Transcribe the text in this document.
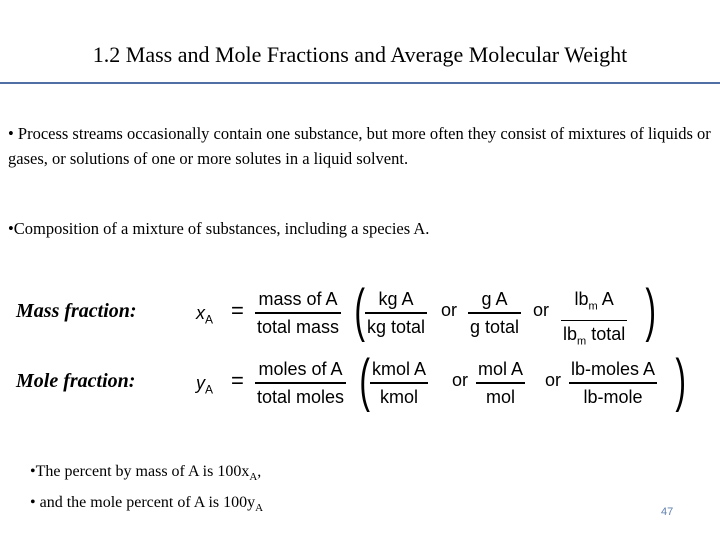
1.2 Mass and Mole Fractions and Average Molecular Weight
• Process streams occasionally contain one substance, but more often they consist of mixtures of liquids or gases, or solutions of one or more solutes in a liquid solvent.
•Composition of a mixture of substances, including a species A.
Mass fraction:	$x_A$ = mass of A
total mass ( kg A
kg total
or
g A
g total
or
$lb_m$ A
$lb_m$ total )
Mole fraction:	$y_A$ = moles of A
total moles ( kmol A
kmol
or
mol A
mol
or
lb-moles A
lb-mole )
•The percent by mass of A is $100x_A$,
• and the mole percent of A is $100y_A$	47
